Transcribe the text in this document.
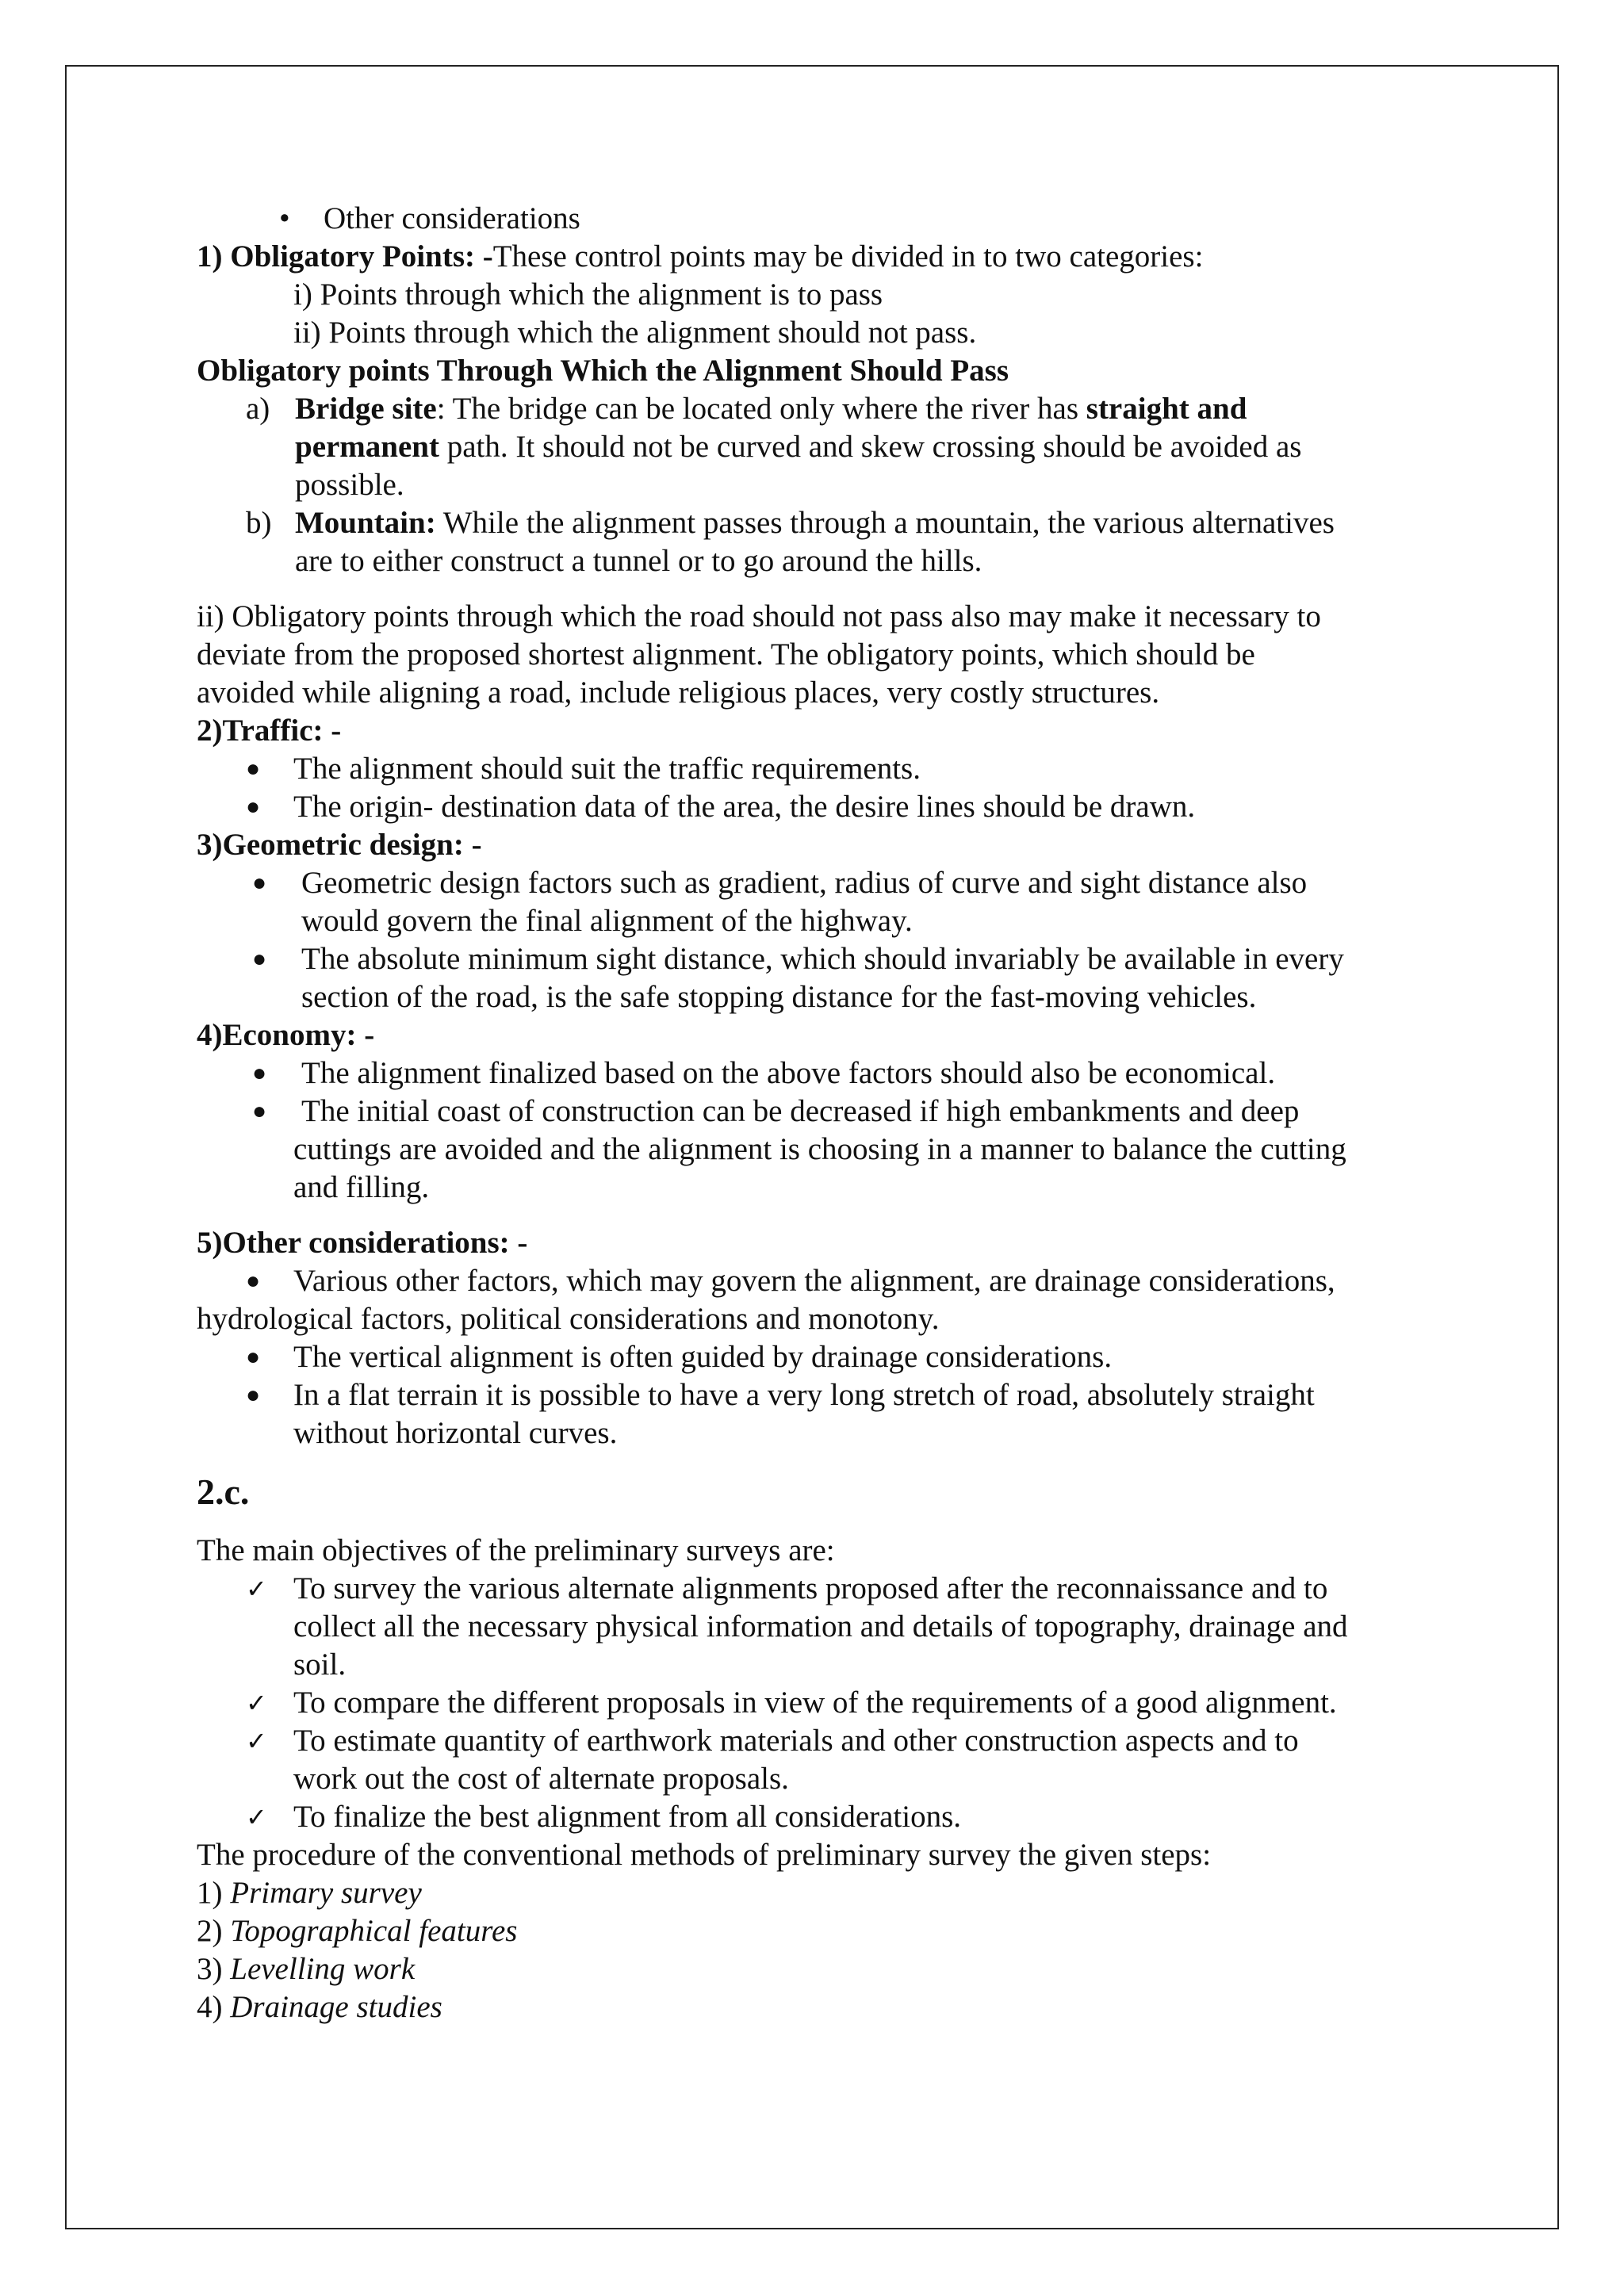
• Other considerations
1) Obligatory Points: -These control points may be divided in to two categories:
i) Points through which the alignment is to pass
ii) Points through which the alignment should not pass.
Obligatory points Through Which the Alignment Should Pass
a) Bridge site: The bridge can be located only where the river has straight and
permanent path. It should not be curved and skew crossing should be avoided as
possible.
b) Mountain: While the alignment passes through a mountain, the various alternatives
are to either construct a tunnel or to go around the hills.
ii) Obligatory points through which the road should not pass also may make it necessary to
deviate from the proposed shortest alignment. The obligatory points, which should be
avoided while aligning a road, include religious places, very costly structures.
2)Traffic: -
● The alignment should suit the traffic requirements.
● The origin- destination data of the area, the desire lines should be drawn.
3)Geometric design: -
● Geometric design factors such as gradient, radius of curve and sight distance also
would govern the final alignment of the highway.
● The absolute minimum sight distance, which should invariably be available in every
section of the road, is the safe stopping distance for the fast-moving vehicles.
4)Economy: -
● The alignment finalized based on the above factors should also be economical.
● The initial coast of construction can be decreased if high embankments and deep
cuttings are avoided and the alignment is choosing in a manner to balance the cutting
and filling.
5)Other considerations: -
● Various other factors, which may govern the alignment, are drainage considerations,
hydrological factors, political considerations and monotony.
● The vertical alignment is often guided by drainage considerations.
● In a flat terrain it is possible to have a very long stretch of road, absolutely straight
without horizontal curves.
2.c.
The main objectives of the preliminary surveys are:
✓ To survey the various alternate alignments proposed after the reconnaissance and to
collect all the necessary physical information and details of topography, drainage and
soil.
✓ To compare the different proposals in view of the requirements of a good alignment.
✓ To estimate quantity of earthwork materials and other construction aspects and to
work out the cost of alternate proposals.
✓ To finalize the best alignment from all considerations.
The procedure of the conventional methods of preliminary survey the given steps:
1) Primary survey
2) Topographical features
3) Levelling work
4) Drainage studies
